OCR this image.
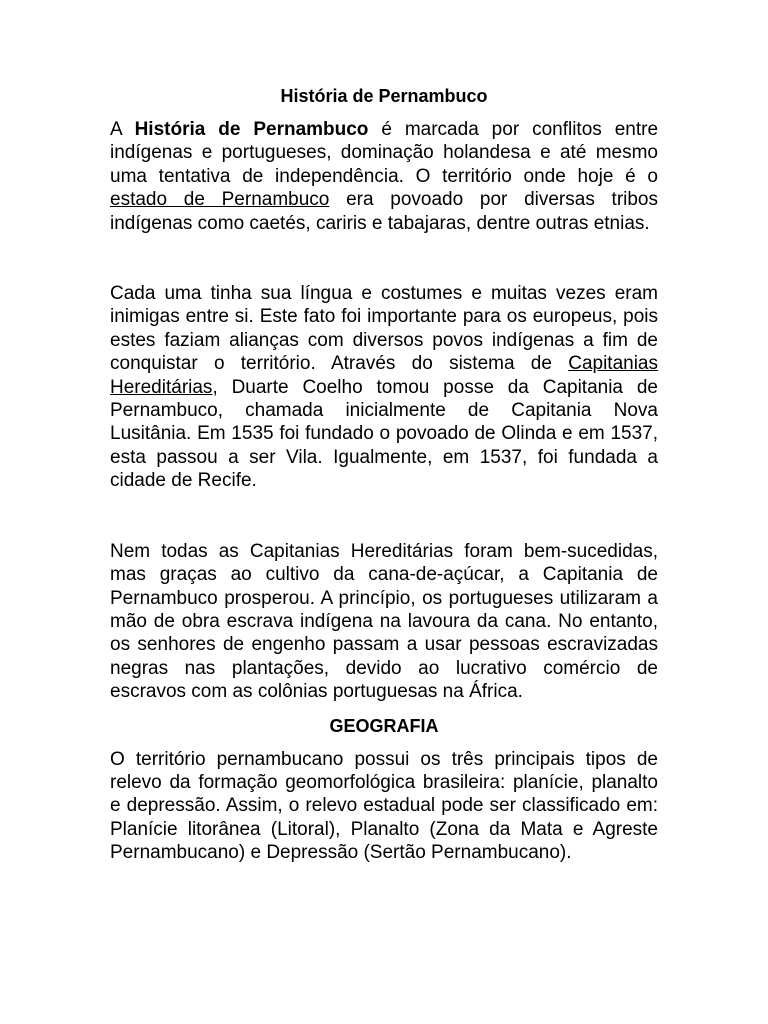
História de Pernambuco

A História de Pernambuco é marcada por conflitos entre indígenas e portugueses, dominação holandesa e até mesmo uma tentativa de independência. O território onde hoje é o estado de Pernambuco era povoado por diversas tribos indígenas como caetés, cariris e tabajaras, dentre outras etnias.

Cada uma tinha sua língua e costumes e muitas vezes eram inimigas entre si. Este fato foi importante para os europeus, pois estes faziam alianças com diversos povos indígenas a fim de conquistar o território. Através do sistema de Capitanias Hereditárias, Duarte Coelho tomou posse da Capitania de Pernambuco, chamada inicialmente de Capitania Nova Lusitânia. Em 1535 foi fundado o povoado de Olinda e em 1537, esta passou a ser Vila. Igualmente, em 1537, foi fundada a cidade de Recife.

Nem todas as Capitanias Hereditárias foram bem-sucedidas, mas graças ao cultivo da cana-de-açúcar, a Capitania de Pernambuco prosperou. A princípio, os portugueses utilizaram a mão de obra escrava indígena na lavoura da cana. No entanto, os senhores de engenho passam a usar pessoas escravizadas negras nas plantações, devido ao lucrativo comércio de escravos com as colônias portuguesas na África.

GEOGRAFIA

O território pernambucano possui os três principais tipos de relevo da formação geomorfológica brasileira: planície, planalto e depressão. Assim, o relevo estadual pode ser classificado em: Planície litorânea (Litoral), Planalto (Zona da Mata e Agreste Pernambucano) e Depressão (Sertão Pernambucano).
